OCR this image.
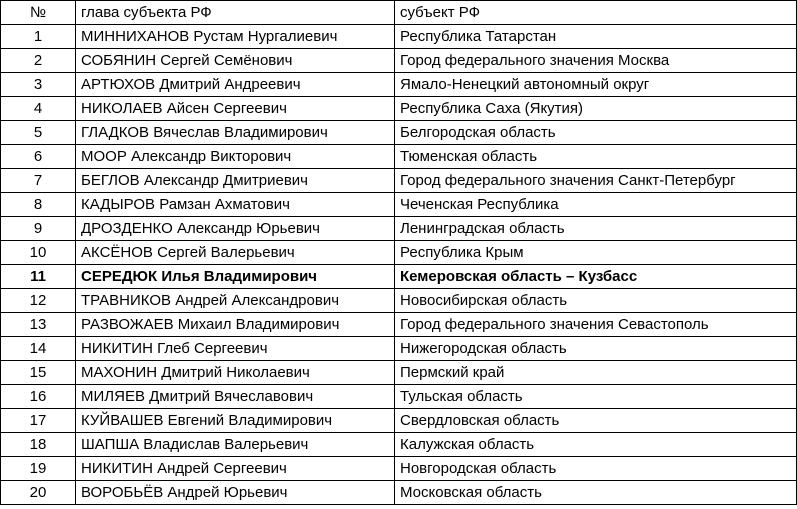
№	глава субъекта РФ	субъект РФ
1	МИННИХАНОВ Рустам Нургалиевич	Республика Татарстан
2	СОБЯНИН Сергей Семёнович	Город федерального значения Москва
3	АРТЮХОВ Дмитрий Андреевич	Ямало-Ненецкий автономный округ
4	НИКОЛАЕВ Айсен Сергеевич	Республика Саха (Якутия)
5	ГЛАДКОВ Вячеслав Владимирович	Белгородская область
6	МООР Александр Викторович	Тюменская область
7	БЕГЛОВ Александр Дмитриевич	Город федерального значения Санкт-Петербург
8	КАДЫРОВ Рамзан Ахматович	Чеченская Республика
9	ДРОЗДЕНКО Александр Юрьевич	Ленинградская область
10	АКСЁНОВ Сергей Валерьевич	Республика Крым
11	СЕРЕДЮК Илья Владимирович	Кемеровская область – Кузбасс
12	ТРАВНИКОВ Андрей Александрович	Новосибирская область
13	РАЗВОЖАЕВ Михаил Владимирович	Город федерального значения Севастополь
14	НИКИТИН Глеб Сергеевич	Нижегородская область
15	МАХОНИН Дмитрий Николаевич	Пермский край
16	МИЛЯЕВ Дмитрий Вячеславович	Тульская область
17	КУЙВАШЕВ Евгений Владимирович	Свердловская область
18	ШАПША Владислав Валерьевич	Калужская область
19	НИКИТИН Андрей Сергеевич	Новгородская область
20	ВОРОБЬЁВ Андрей Юрьевич	Московская область
